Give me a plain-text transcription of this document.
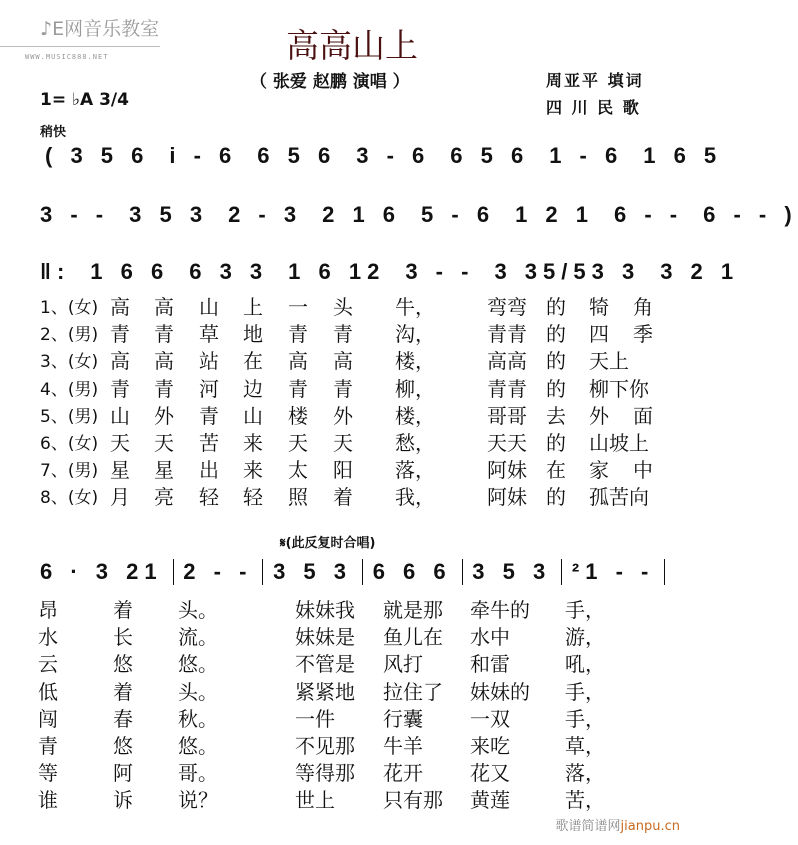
♪E网音乐教室
WWW.MUSIC888.NET	高高山上
（ 张爱 赵鹏 演唱 ）	周亚平 填词
四 川 民 歌
1= ♭A 3/4
稍快
( 3 5 6 i - 6 6 5 6 3 - 6 6 5 6 1 - 6 1 6 5
3 - - 3 5 3 2 - 3 2 1 6 5 - 6 1 2 1 6 - - 6 - - )
‖: 1 6 6 6 3 3 1 6 12 3 - - 3 35/53 3 3 2 1
1、(女) 高 高 山 上 一 头 牛，	弯弯 的 犄 角
2、(男) 青 青 草 地 青 青 沟，	青青 的 四 季
3、(女) 高 高 站 在 高 高 楼，	高高 的 天上
4、(男) 青 青 河 边 青 青 柳，	青青 的 柳下你
5、(男) 山 外 青 山 楼 外 楼，	哥哥 去 外 面
6、(女) 天 天 苦 来 天 天 愁，	天天 的 山坡上
7、(男) 星 星 出 来 太 阳 落，	阿妹 在 家 中
8、(女) 月 亮 轻 轻 照 着 我，	阿妹 的 孤苦向
𝄋(此反复时合唱)
6 · 3 21 2 - - 3 5 3 6 6 6 3 5 3 ²1 - -
昂	着 头。	妹妹我 就是那 牵牛的 手，
水	长 流。	妹妹是 鱼儿在 水中	游，
云	悠 悠。	不管是 风打 和雷	吼，
低	着 头。	紧紧地 拉住了 妹妹的 手，
闯	春 秋。	一件 行囊 一双	手，
青	悠 悠。	不见那 牛羊 来吃	草，
等	阿 哥。	等得那 花开 花又	落，
谁	诉 说？	世上 只有那 黄莲	苦，
歌谱简谱网jianpu.cn
